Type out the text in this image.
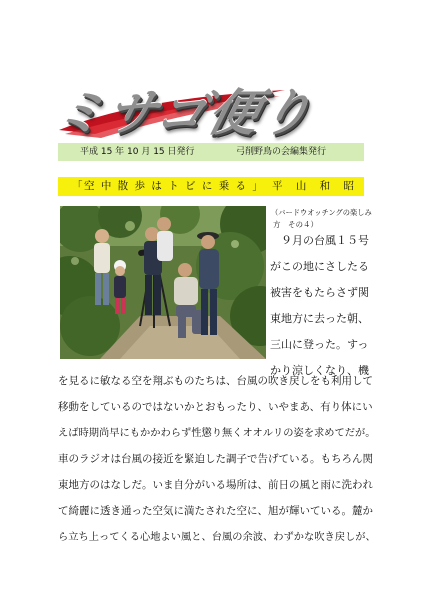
ミサゴ便り
平成 15 年 10 月 15 日発行	弓削野鳥の会編集発行
「空 中 散 歩 は ト ビ に 乗 る 」 平 山 和 昭
（バードウオッチングの楽しみ
方　その４）
　９月の台風１５号
がこの地にさしたる
被害をもたらさず関
東地方に去った朝、
三山に登った。すっ
かり涼しくなり、機
を見るに敏なる空を翔ぶものたちは、台風の吹き戻しをも利用して
移動をしているのではないかとおもったり、いやまあ、有り体にい
えば時期尚早にもかかわらず性懲り無くオオルリの姿を求めてだが。
車のラジオは台風の接近を緊迫した調子で告げている。もちろん関
東地方のはなしだ。いま自分がいる場所は、前日の風と雨に洗われ
て綺麗に透き通った空気に満たされた空に、旭が輝いている。麓か
ら立ち上ってくる心地よい風と、台風の余波、わずかな吹き戻しが、
